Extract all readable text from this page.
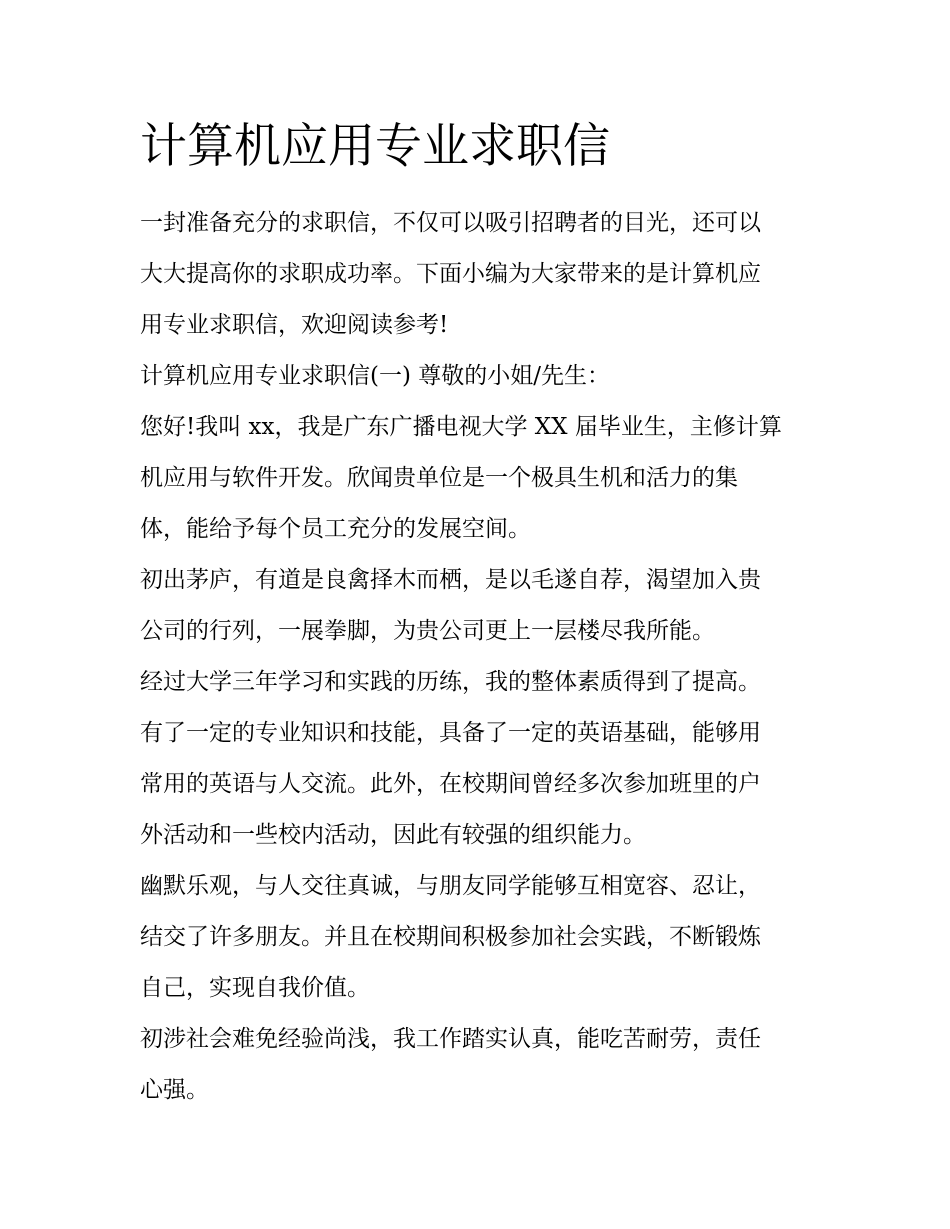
计算机应用专业求职信

一封准备充分的求职信，不仅可以吸引招聘者的目光，还可以
大大提高你的求职成功率。下面小编为大家带来的是计算机应
用专业求职信，欢迎阅读参考!

计算机应用专业求职信(一) 尊敬的小姐/先生：

您好!我叫 xx，我是广东广播电视大学 XX 届毕业生，主修计算
机应用与软件开发。欣闻贵单位是一个极具生机和活力的集
体，能给予每个员工充分的发展空间。

初出茅庐，有道是良禽择木而栖，是以毛遂自荐，渴望加入贵
公司的行列，一展拳脚，为贵公司更上一层楼尽我所能。

经过大学三年学习和实践的历练，我的整体素质得到了提高。
有了一定的专业知识和技能，具备了一定的英语基础，能够用
常用的英语与人交流。此外，在校期间曾经多次参加班里的户
外活动和一些校内活动，因此有较强的组织能力。

幽默乐观，与人交往真诚，与朋友同学能够互相宽容、忍让，
结交了许多朋友。并且在校期间积极参加社会实践，不断锻炼
自己，实现自我价值。

初涉社会难免经验尚浅，我工作踏实认真，能吃苦耐劳，责任
心强。
